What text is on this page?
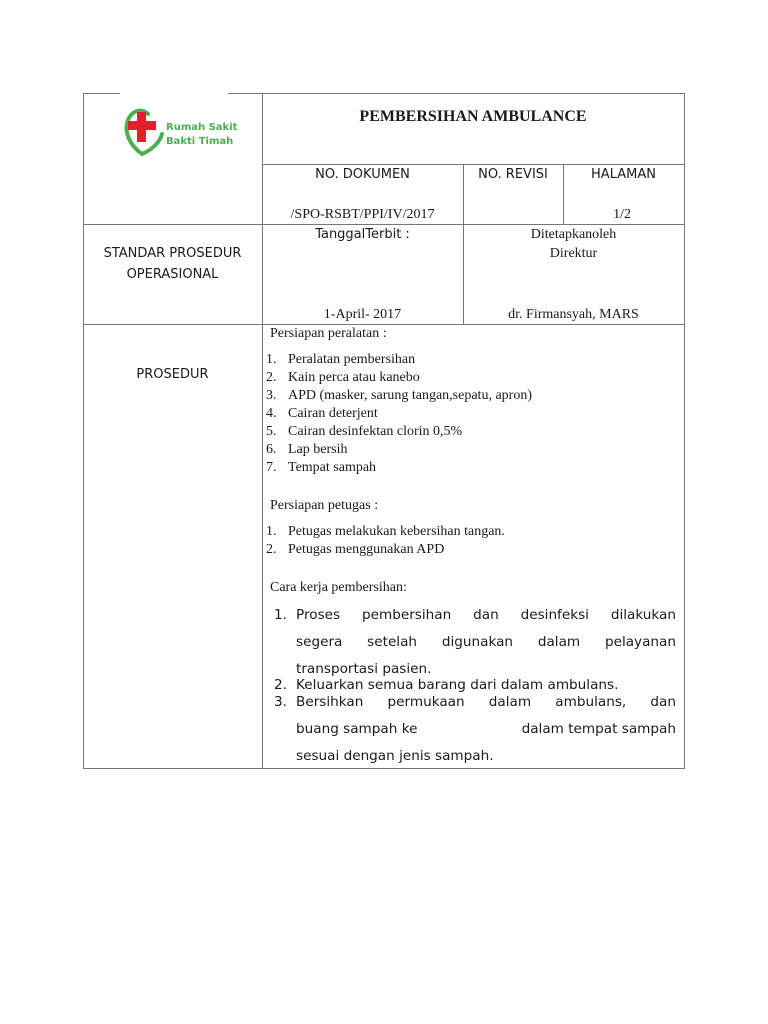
Rumah Sakit
Bakti Timah
PEMBERSIHAN AMBULANCE
NO. DOKUMEN
/SPO-RSBT/PPI/IV/2017
NO. REVISI	HALAMAN
1/2
STANDAR PROSEDUR
OPERASIONAL
TanggalTerbit :
1-April- 2017
Ditetapkanoleh
Direktur
dr. Firmansyah, MARS
PROSEDUR
Persiapan peralatan :
1. Peralatan pembersihan
2. Kain perca atau kanebo
3. APD (masker, sarung tangan,sepatu, apron)
4. Cairan deterjent
5. Cairan desinfektan clorin 0,5%
6. Lap bersih
7. Tempat sampah
Persiapan petugas :
1. Petugas melakukan kebersihan tangan.
2. Petugas menggunakan APD
Cara kerja pembersihan:
1. Proses pembersihan dan desinfeksi dilakukan
segera setelah digunakan dalam pelayanan
transportasi pasien.
2. Keluarkan semua barang dari dalam ambulans.
3. Bersihkan permukaan dalam ambulans, dan
buang sampah ke	dalam tempat sampah
sesuai dengan jenis sampah.
